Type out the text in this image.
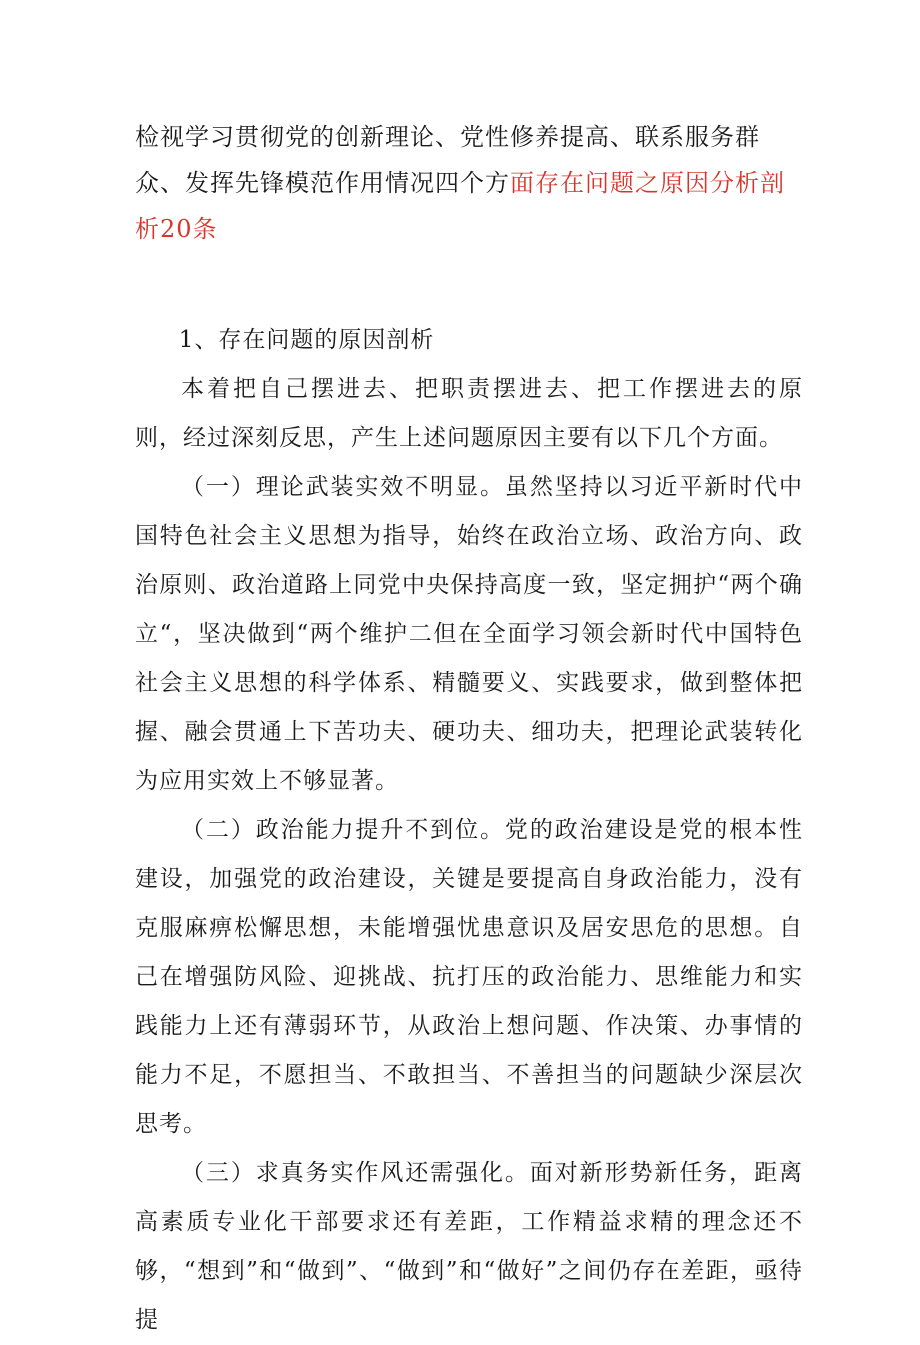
检视学习贯彻党的创新理论、党性修养提高、联系服务群众、发挥先锋模范作用情况四个方面存在问题之原因分析剖析20条

1、存在问题的原因剖析

本着把自己摆进去、把职责摆进去、把工作摆进去的原则，经过深刻反思，产生上述问题原因主要有以下几个方面。

（一）理论武装实效不明显。虽然坚持以习近平新时代中国特色社会主义思想为指导，始终在政治立场、政治方向、政治原则、政治道路上同党中央保持高度一致，坚定拥护“两个确立“，坚决做到“两个维护二但在全面学习领会新时代中国特色社会主义思想的科学体系、精髓要义、实践要求，做到整体把握、融会贯通上下苦功夫、硬功夫、细功夫，把理论武装转化为应用实效上不够显著。

（二）政治能力提升不到位。党的政治建设是党的根本性建设，加强党的政治建设，关键是要提高自身政治能力，没有克服麻痹松懈思想，未能增强忧患意识及居安思危的思想。自己在增强防风险、迎挑战、抗打压的政治能力、思维能力和实践能力上还有薄弱环节，从政治上想问题、作决策、办事情的能力不足，不愿担当、不敢担当、不善担当的问题缺少深层次思考。

（三）求真务实作风还需强化。面对新形势新任务，距离高素质专业化干部要求还有差距，工作精益求精的理念还不够，“想到”和“做到”、“做到”和“做好”之间仍存在差距，亟待提
